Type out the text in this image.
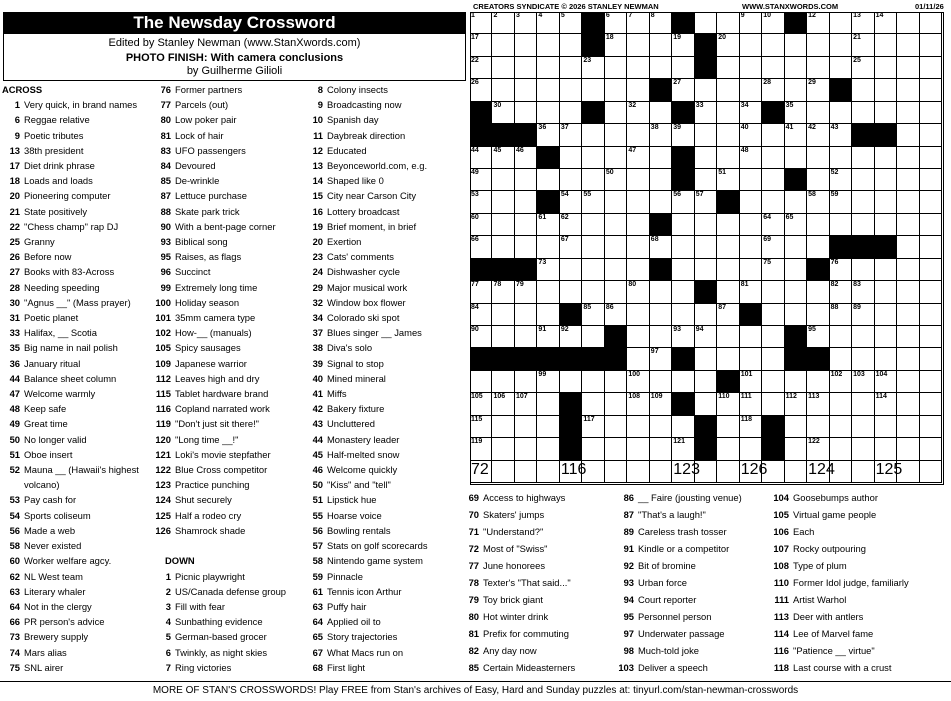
The Newsday Crossword
Edited by Stanley Newman (www.StanXwords.com)
PHOTO FINISH: With camera conclusions
by Guilherme Gilioli
ACROSS
1 Very quick, in brand names
6 Reggae relative
9 Poetic tributes
13 38th president
17 Diet drink phrase
18 Loads and loads
20 Pioneering computer
21 State positively
22 "Chess champ" rap DJ
25 Granny
26 Before now
27 Books with 83-Across
28 Needing speeding
30 "Agnus __" (Mass prayer)
31 Poetic planet
33 Halifax, __ Scotia
35 Big name in nail polish
36 January ritual
44 Balance sheet column
47 Welcome warmly
48 Keep safe
49 Great time
50 No longer valid
51 Oboe insert
52 Mauna __ (Hawaii's highest
volcano)
53 Pay cash for
54 Sports coliseum
56 Made a web
58 Never existed
60 Worker welfare agcy.
62 NL West team
63 Literary whaler
64 Not in the clergy
66 PR person's advice
73 Brewery supply
74 Mars alias
75 SNL airer
76 Former partners
77 Parcels (out)
80 Low poker pair
81 Lock of hair
83 UFO passengers
84 Devoured
85 De-wrinkle
87 Lettuce purchase
88 Skate park trick
90 With a bent-page corner
93 Biblical song
95 Raises, as flags
96 Succinct
99 Extremely long time
100 Holiday season
101 35mm camera type
102 How-__ (manuals)
105 Spicy sausages
109 Japanese warrior
112 Leaves high and dry
115 Tablet hardware brand
116 Copland narrated work
119 "Don't just sit there!"
120 "Long time __!"
121 Loki's movie stepfather
122 Blue Cross competitor
123 Practice punching
124 Shut securely
125 Half a rodeo cry
126 Shamrock shade

DOWN
1 Picnic playwright
2 US/Canada defense group
3 Fill with fear
4 Sunbathing evidence
5 German-based grocer
6 Twinkly, as night skies
7 Ring victories
8 Colony insects
9 Broadcasting now
10 Spanish day
11 Daybreak direction
12 Educated
13 Beyonceworld.com, e.g.
14 Shaped like 0
15 City near Carson City
16 Lottery broadcast
19 Brief moment, in brief
20 Exertion
23 Cats' comments
24 Dishwasher cycle
29 Major musical work
32 Window box flower
34 Colorado ski spot
37 Blues singer __ James
38 Diva's solo
39 Signal to stop
40 Mined mineral
41 Miffs
42 Bakery fixture
43 Uncluttered
44 Monastery leader
45 Half-melted snow
46 Welcome quickly
50 "Kiss" and "tell"
51 Lipstick hue
55 Hoarse voice
56 Bowling rentals
57 Stats on golf scorecards
58 Nintendo game system
59 Pinnacle
61 Tennis icon Arthur
63 Puffy hair
64 Applied oil to
65 Story trajectories
67 What Macs run on
68 First light
69 Access to highways
70 Skaters' jumps
71 "Understand?"
72 Most of "Swiss"
77 June honorees
78 Texter's "That said..."
79 Toy brick giant
80 Hot winter drink
81 Prefix for commuting
82 Any day now
85 Certain Mideasterners
86 __ Faire (jousting venue)
87 "That's a laugh!"
89 Careless trash tosser
91 Kindle or a competitor
92 Bit of bromine
93 Urban force
94 Court reporter
95 Personnel person
97 Underwater passage
98 Much-told joke
103 Deliver a speech
104 Goosebumps author
105 Virtual game people
106 Each
107 Rocky outpouring
108 Type of plum
110 Former Idol judge, familiarly
111 Artist Warhol
113 Deer with antlers
114 Lee of Marvel fame
116 "Patience __ virtue"
118 Last course with a crust
CREATORS SYNDICATE © 2026 STANLEY NEWMAN	WWW.STANXWORDS.COM	01/11/26
1	2	3	4	5	6	7	8	9	10	12	13 14
17	18	19	20	21
22	23	25
26	27	28	29
30	32	33	34	35
36 37	38 39	40	41 42 43
44 45 46	47	48
49	50	51	52
53	54 55	56 57	58 59
60	61 62	64 65
66	67	68	69
73	75	76
77 78 79	80	81	82 83
84	85 86	87	88 89
90	91 92	93 94	95
97
99	100	101	102 103 104
105 106 107	108 109	110 111	112 113	114
115	117	118
119	121	122
72	116	123	124	125
126
MORE OF STAN'S CROSSWORDS! Play FREE from Stan's archives of Easy, Hard and Sunday puzzles at: tinyurl.com/stan-newman-crosswords
